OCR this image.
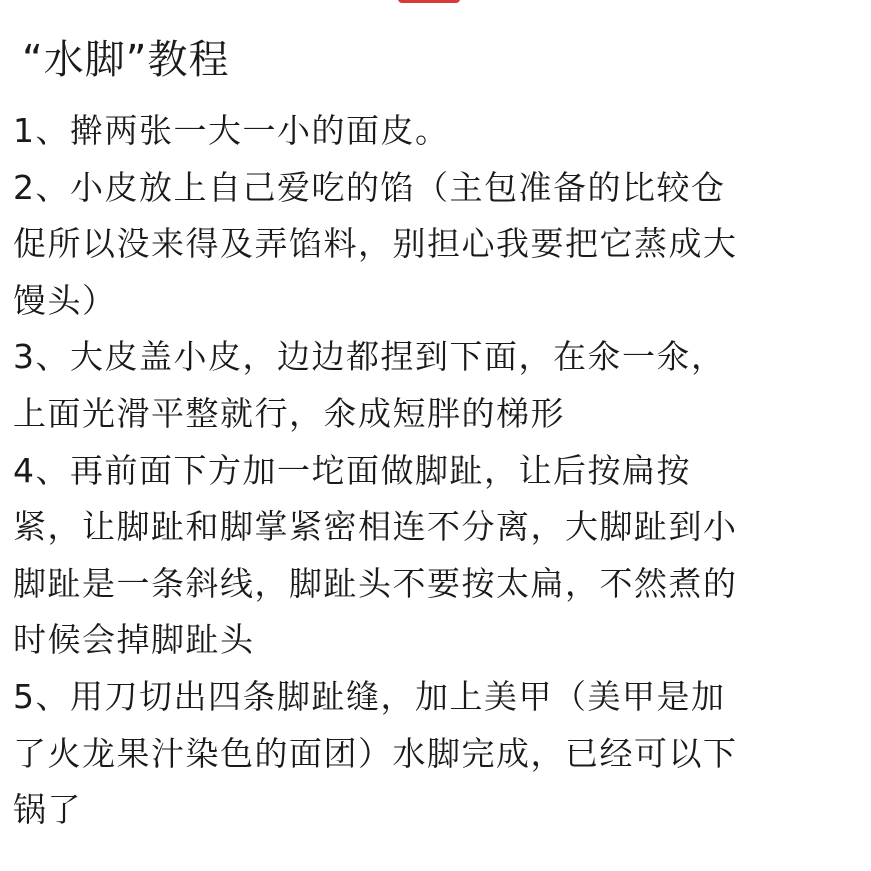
“水脚”教程
1、擀两张一大一小的面皮。
2、小皮放上自己爱吃的馅（主包准备的比较仓
促所以没来得及弄馅料，别担心我要把它蒸成大
馒头）
3、大皮盖小皮，边边都捏到下面，在氽一氽，
上面光滑平整就行，氽成短胖的梯形
4、再前面下方加一坨面做脚趾，让后按扁按
紧，让脚趾和脚掌紧密相连不分离，大脚趾到小
脚趾是一条斜线，脚趾头不要按太扁，不然煮的
时候会掉脚趾头
5、用刀切出四条脚趾缝，加上美甲（美甲是加
了火龙果汁染色的面团）水脚完成，已经可以下
锅了
